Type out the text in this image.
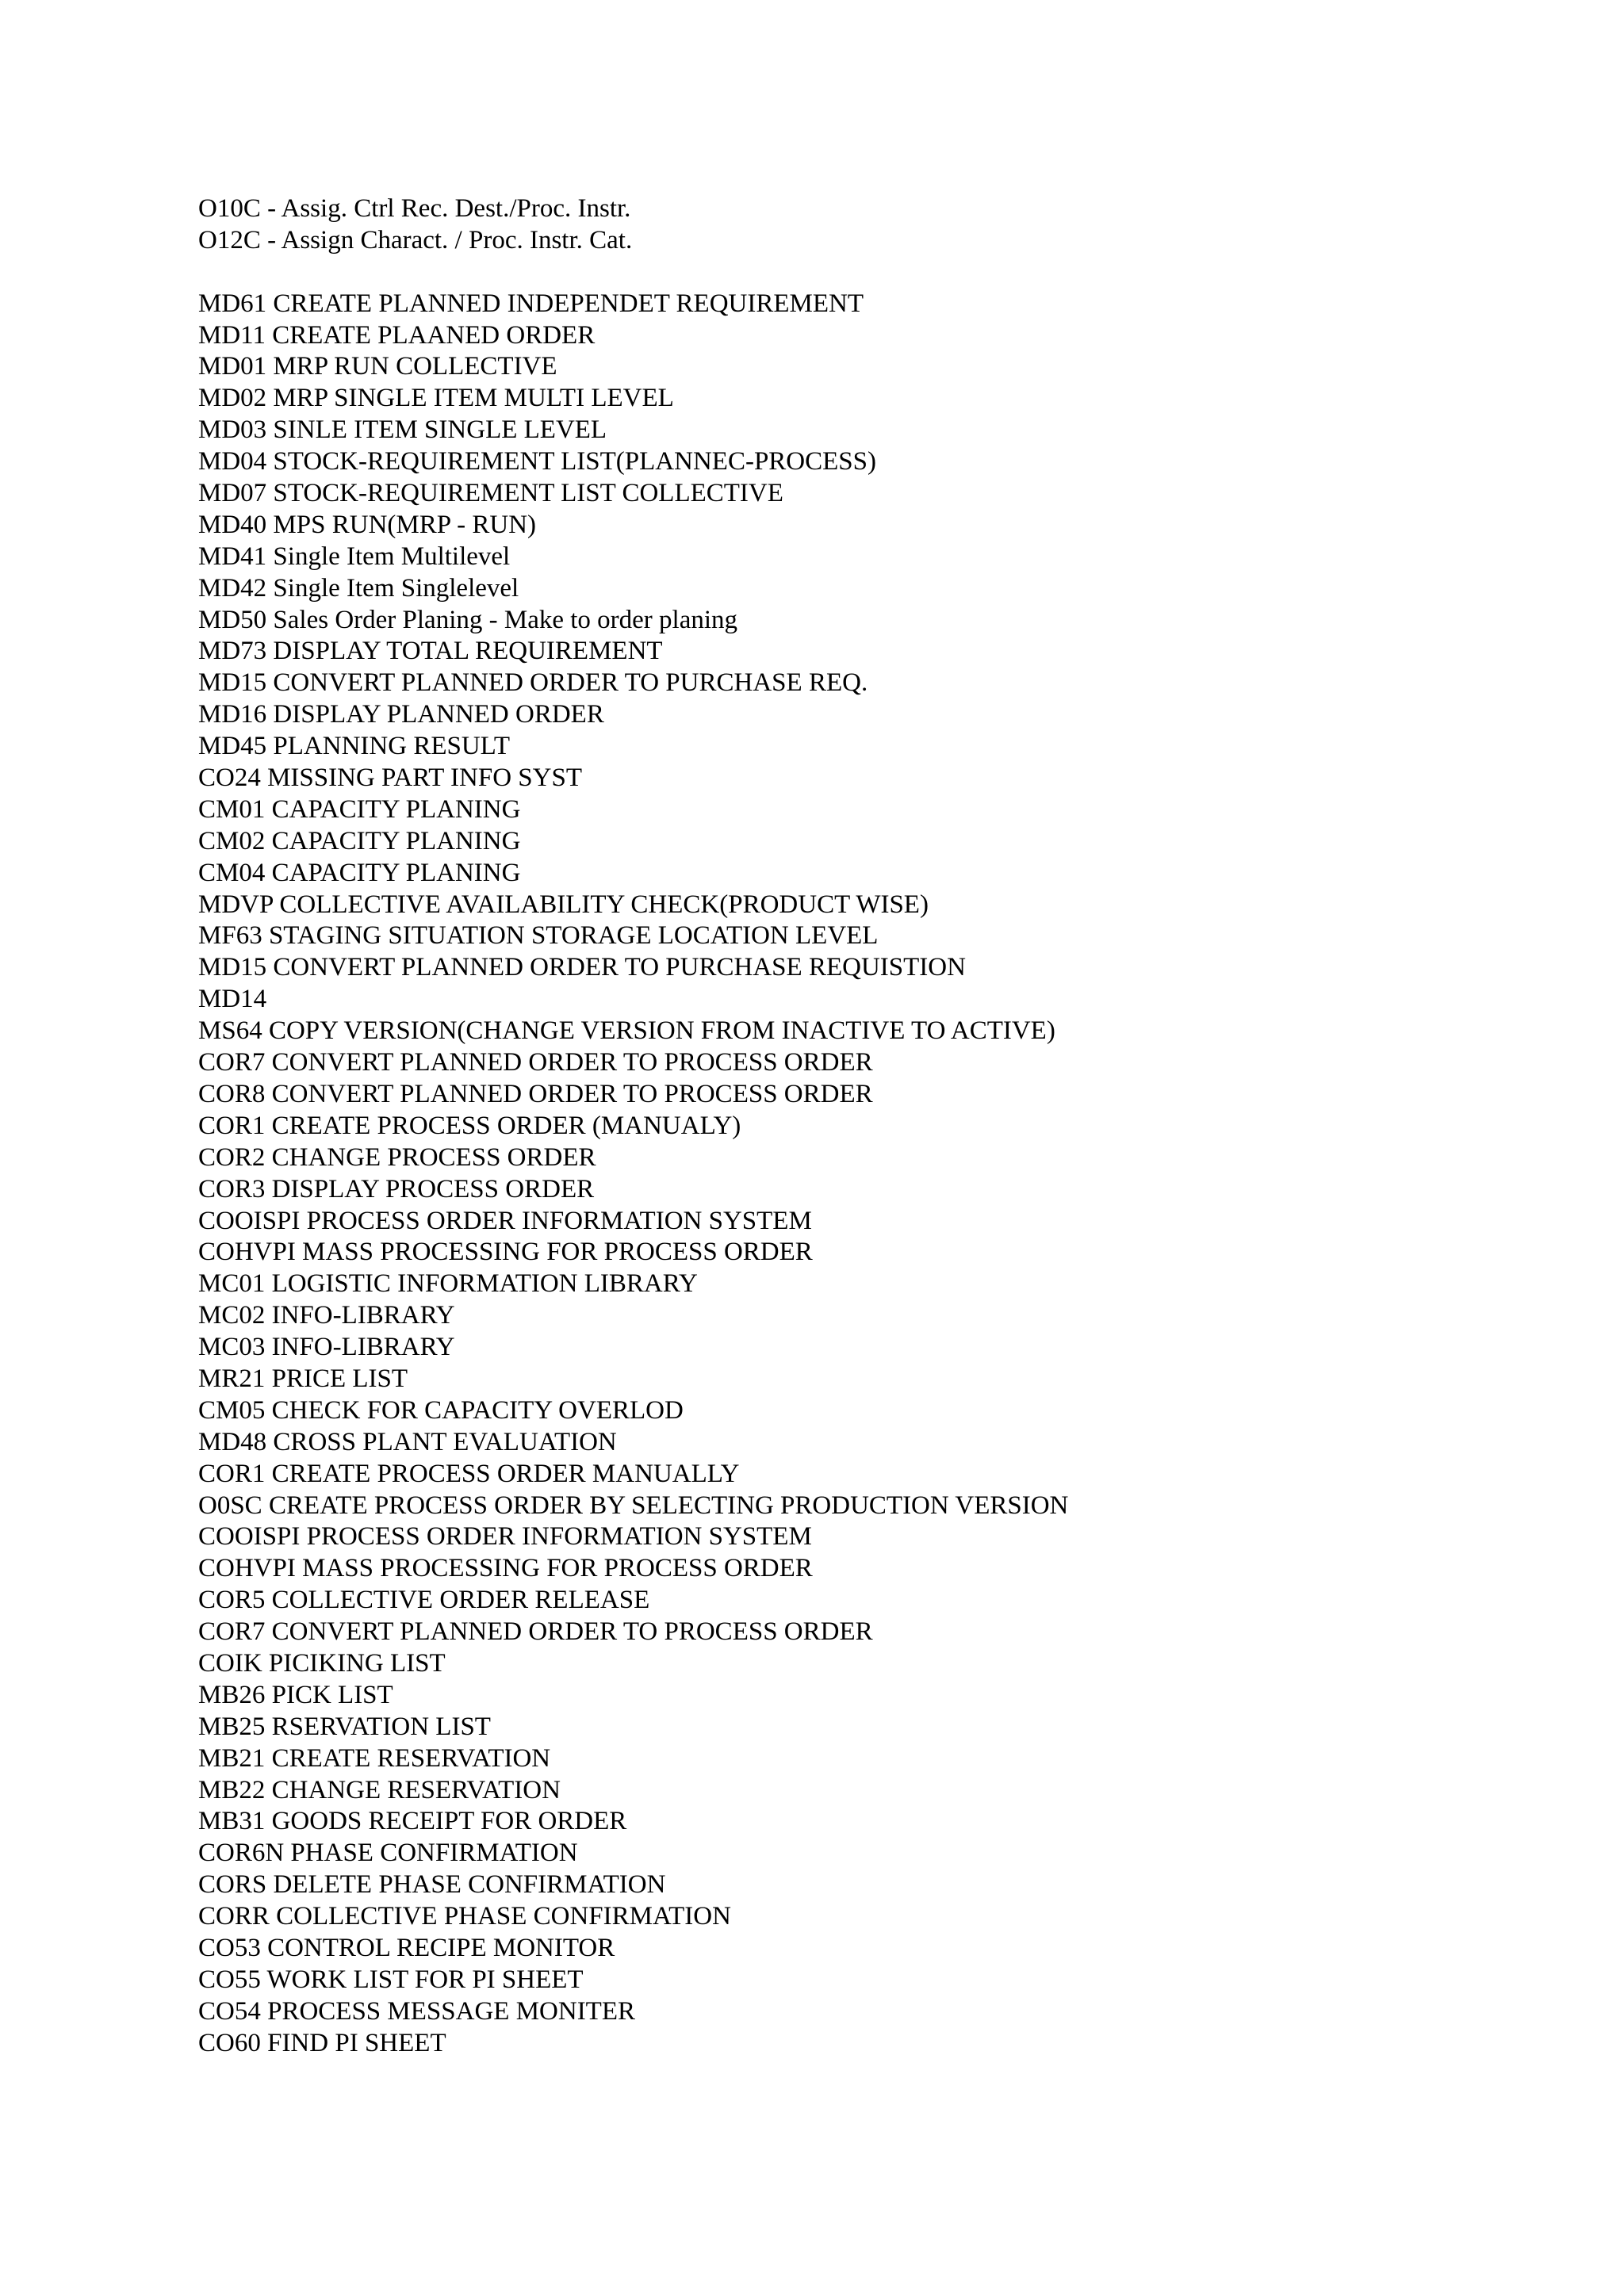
O10C - Assig. Ctrl Rec. Dest./Proc. Instr.
O12C - Assign Charact. / Proc. Instr. Cat.
MD61 CREATE PLANNED INDEPENDET REQUIREMENT
MD11 CREATE PLAANED ORDER
MD01 MRP RUN COLLECTIVE
MD02 MRP SINGLE ITEM MULTI LEVEL
MD03 SINLE ITEM SINGLE LEVEL
MD04 STOCK-REQUIREMENT LIST(PLANNEC-PROCESS)
MD07 STOCK-REQUIREMENT LIST COLLECTIVE
MD40 MPS RUN(MRP - RUN)
MD41 Single Item Multilevel
MD42 Single Item Singlelevel
MD50 Sales Order Planing - Make to order planing
MD73 DISPLAY TOTAL REQUIREMENT
MD15 CONVERT PLANNED ORDER TO PURCHASE REQ.
MD16 DISPLAY PLANNED ORDER
MD45 PLANNING RESULT
CO24 MISSING PART INFO SYST
CM01 CAPACITY PLANING
CM02 CAPACITY PLANING
CM04 CAPACITY PLANING
MDVP COLLECTIVE AVAILABILITY CHECK(PRODUCT WISE)
MF63 STAGING SITUATION STORAGE LOCATION LEVEL
MD15 CONVERT PLANNED ORDER TO PURCHASE REQUISTION
MD14
MS64 COPY VERSION(CHANGE VERSION FROM INACTIVE TO ACTIVE)
COR7 CONVERT PLANNED ORDER TO PROCESS ORDER
COR8 CONVERT PLANNED ORDER TO PROCESS ORDER
COR1 CREATE PROCESS ORDER (MANUALY)
COR2 CHANGE PROCESS ORDER
COR3 DISPLAY PROCESS ORDER
COOISPI PROCESS ORDER INFORMATION SYSTEM
COHVPI MASS PROCESSING FOR PROCESS ORDER
MC01 LOGISTIC INFORMATION LIBRARY
MC02 INFO-LIBRARY
MC03 INFO-LIBRARY
MR21 PRICE LIST
CM05 CHECK FOR CAPACITY OVERLOD
MD48 CROSS PLANT EVALUATION
COR1 CREATE PROCESS ORDER MANUALLY
O0SC CREATE PROCESS ORDER BY SELECTING PRODUCTION VERSION
COOISPI PROCESS ORDER INFORMATION SYSTEM
COHVPI MASS PROCESSING FOR PROCESS ORDER
COR5 COLLECTIVE ORDER RELEASE
COR7 CONVERT PLANNED ORDER TO PROCESS ORDER
COIK PICIKING LIST
MB26 PICK LIST
MB25 RSERVATION LIST
MB21 CREATE RESERVATION
MB22 CHANGE RESERVATION
MB31 GOODS RECEIPT FOR ORDER
COR6N PHASE CONFIRMATION
CORS DELETE PHASE CONFIRMATION
CORR COLLECTIVE PHASE CONFIRMATION
CO53 CONTROL RECIPE MONITOR
CO55 WORK LIST FOR PI SHEET
CO54 PROCESS MESSAGE MONITER
CO60 FIND PI SHEET
